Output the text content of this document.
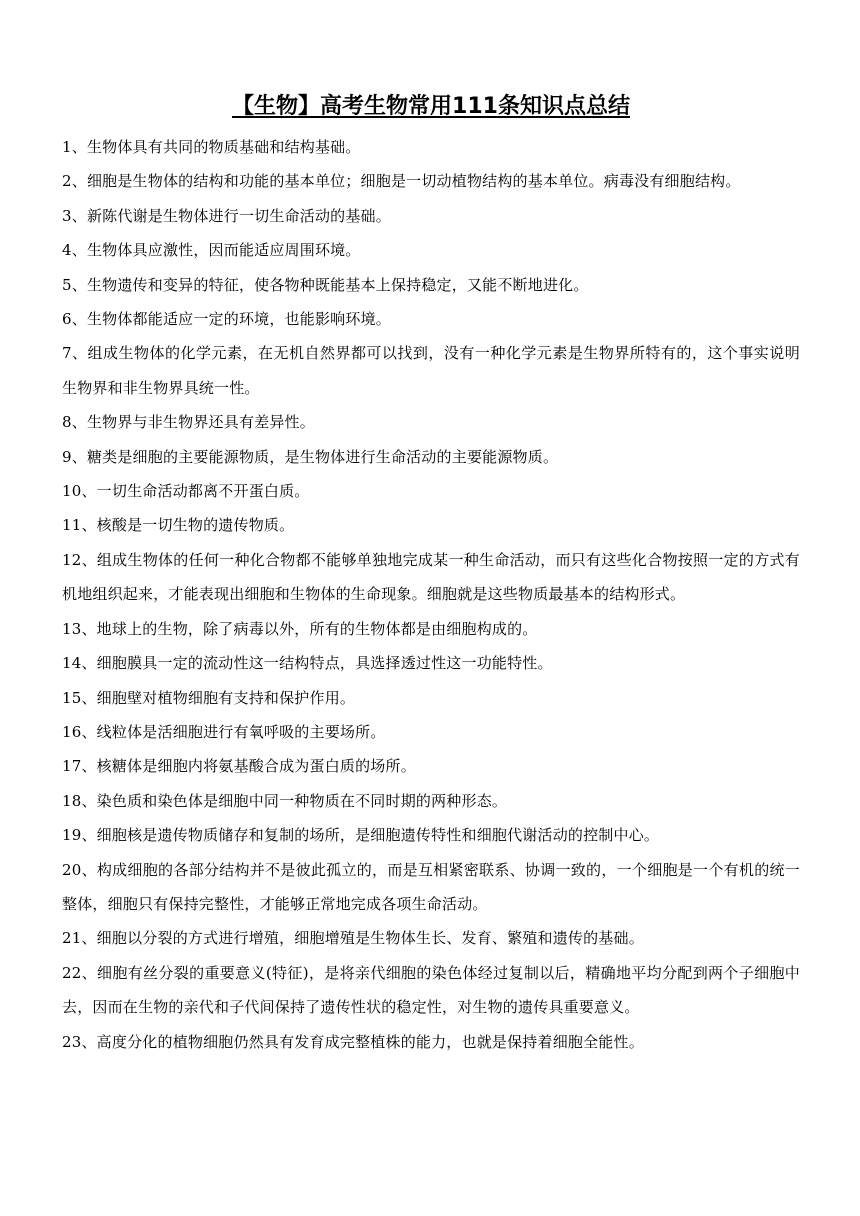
【生物】高考生物常用111条知识点总结
1、生物体具有共同的物质基础和结构基础。
2、细胞是生物体的结构和功能的基本单位；细胞是一切动植物结构的基本单位。病毒没有细胞结构。
3、新陈代谢是生物体进行一切生命活动的基础。
4、生物体具应激性，因而能适应周围环境。
5、生物遗传和变异的特征，使各物种既能基本上保持稳定，又能不断地进化。
6、生物体都能适应一定的环境，也能影响环境。
7、组成生物体的化学元素，在无机自然界都可以找到，没有一种化学元素是生物界所特有的，这个事实说明生物界和非生物界具统一性。
8、生物界与非生物界还具有差异性。
9、糖类是细胞的主要能源物质，是生物体进行生命活动的主要能源物质。
10、一切生命活动都离不开蛋白质。
11、核酸是一切生物的遗传物质。
12、组成生物体的任何一种化合物都不能够单独地完成某一种生命活动，而只有这些化合物按照一定的方式有机地组织起来，才能表现出细胞和生物体的生命现象。细胞就是这些物质最基本的结构形式。
13、地球上的生物，除了病毒以外，所有的生物体都是由细胞构成的。
14、细胞膜具一定的流动性这一结构特点，具选择透过性这一功能特性。
15、细胞壁对植物细胞有支持和保护作用。
16、线粒体是活细胞进行有氧呼吸的主要场所。
17、核糖体是细胞内将氨基酸合成为蛋白质的场所。
18、染色质和染色体是细胞中同一种物质在不同时期的两种形态。
19、细胞核是遗传物质储存和复制的场所，是细胞遗传特性和细胞代谢活动的控制中心。
20、构成细胞的各部分结构并不是彼此孤立的，而是互相紧密联系、协调一致的，一个细胞是一个有机的统一整体，细胞只有保持完整性，才能够正常地完成各项生命活动。
21、细胞以分裂的方式进行增殖，细胞增殖是生物体生长、发育、繁殖和遗传的基础。
22、细胞有丝分裂的重要意义(特征)，是将亲代细胞的染色体经过复制以后，精确地平均分配到两个子细胞中去，因而在生物的亲代和子代间保持了遗传性状的稳定性，对生物的遗传具重要意义。
23、高度分化的植物细胞仍然具有发育成完整植株的能力，也就是保持着细胞全能性。
